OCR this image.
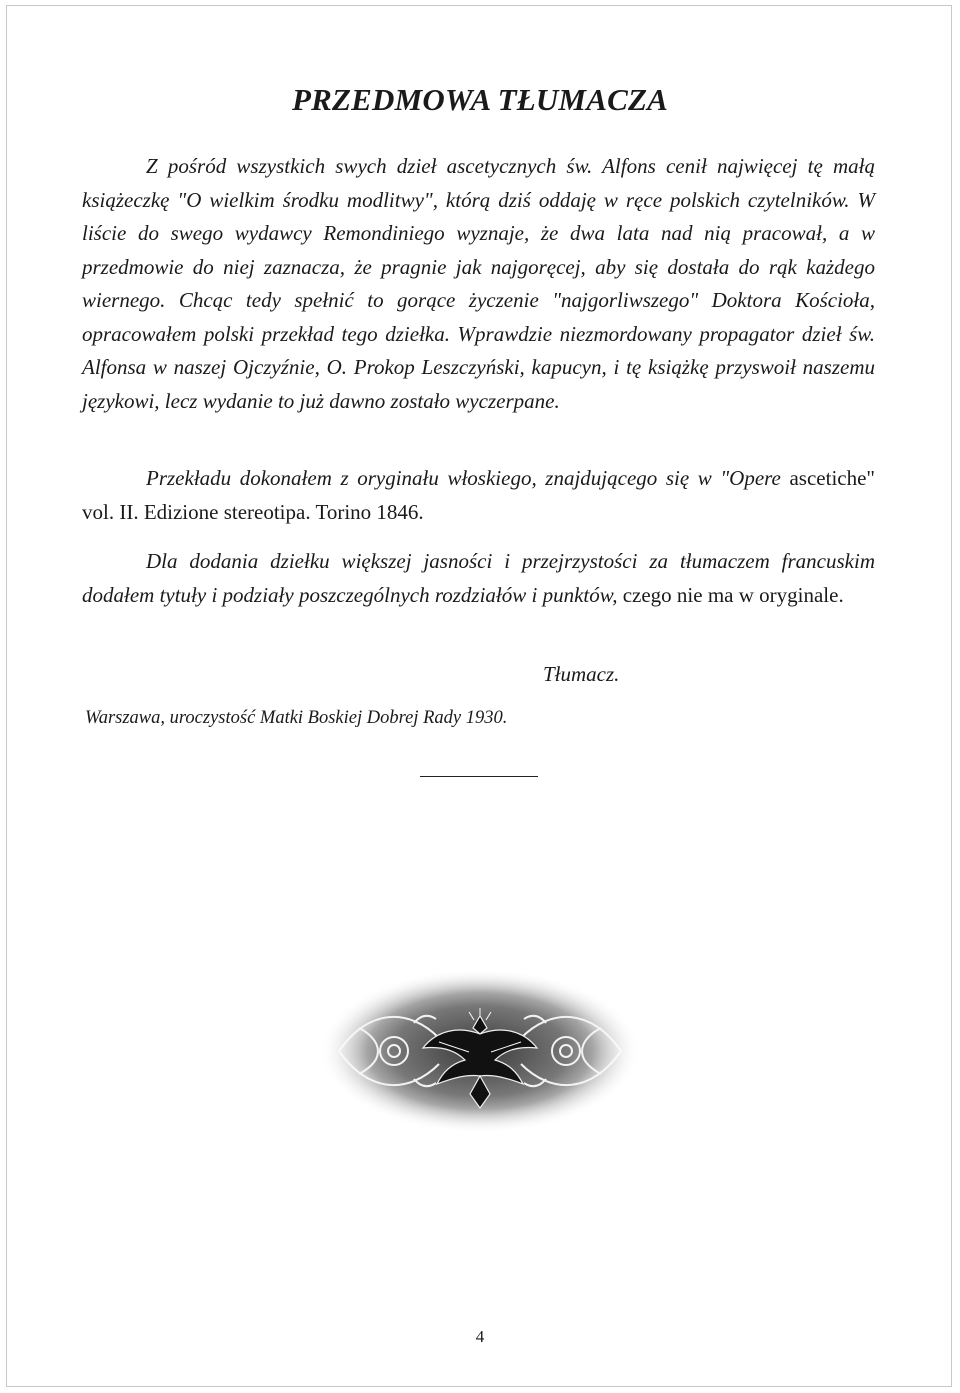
PRZEDMOWA TŁUMACZA

Z pośród wszystkich swych dzieł ascetycznych św. Alfons cenił najwięcej tę małą książeczkę "O wielkim środku modlitwy", którą dziś oddaję w ręce polskich czytelników. W liście do swego wydawcy Remondiniego wyznaje, że dwa lata nad nią pracował, a w przedmowie do niej zaznacza, że pragnie jak najgoręcej, aby się dostała do rąk każdego wiernego. Chcąc tedy spełnić to gorące życzenie "najgorliwszego" Doktora Kościoła, opracowałem polski przekład tego dziełka. Wprawdzie niezmordowany propagator dzieł św. Alfonsa w naszej Ojczyźnie, O. Prokop Leszczyński, kapucyn, i tę książkę przyswoił naszemu językowi, lecz wydanie to już dawno zostało wyczerpane.

Przekładu dokonałem z oryginału włoskiego, znajdującego się w "Opere ascetiche" vol. II. Edizione stereotipa. Torino 1846.

Dla dodania dziełku większej jasności i przejrzystości za tłumaczem francuskim dodałem tytuły i podziały poszczególnych rozdziałów i punktów, czego nie ma w oryginale.

Tłumacz.

Warszawa, uroczystość Matki Boskiej Dobrej Rady 1930.

4
